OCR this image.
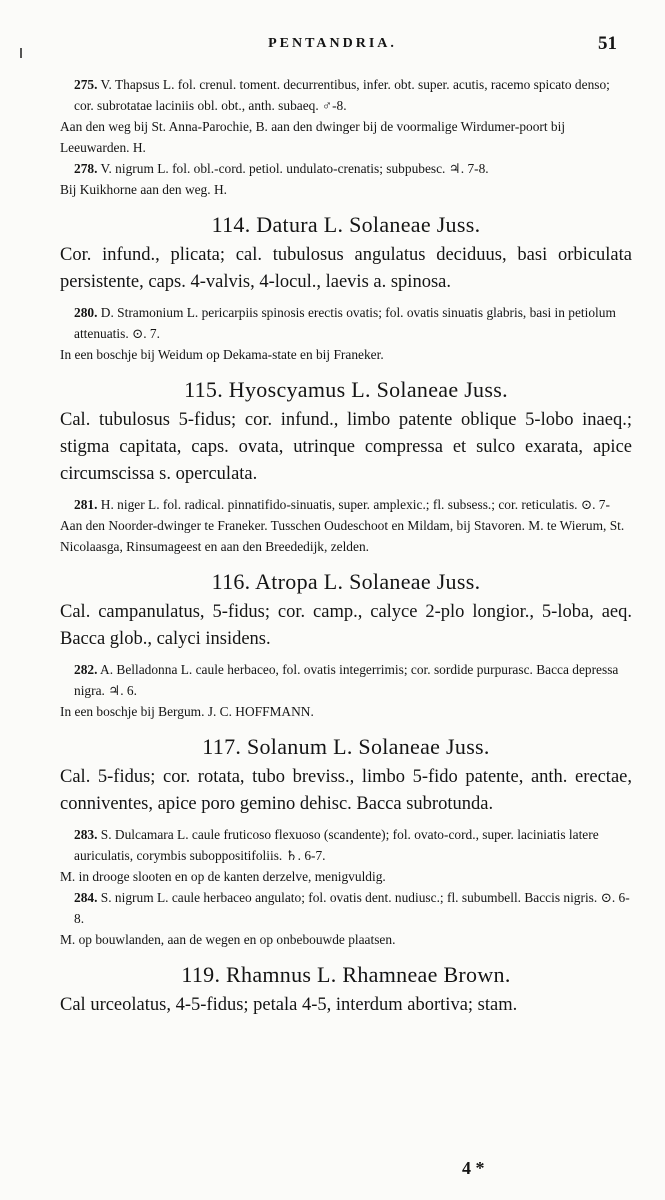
PENTANDRIA.	51

275. V. Thapsus L. fol. crenul. toment. decurrentibus, infer. obt. super. acutis, racemo spicato denso; cor. subrotatae laciniis obl. obt., anth. subaeq. ♂-8.

Aan den weg bij St. Anna-Parochie, B. aan den dwinger bij de voormalige Wirdumer-poort bij Leeuwarden. H.

278. V. nigrum L. fol. obl.-cord. petiol. undulato-crenatis; subpubesc. ♃. 7-8.

Bij Kuikhorne aan den weg. H.

114. Datura L. Solaneae Juss.

Cor. infund., plicata; cal. tubulosus angulatus deciduus, basi orbiculata persistente, caps. 4-valvis, 4-locul., laevis a. spinosa.

280. D. Stramonium L. pericarpiis spinosis erectis ovatis; fol. ovatis sinuatis glabris, basi in petiolum attenuatis. ⊙. 7.

In een boschje bij Weidum op Dekama-state en bij Franeker.

115. Hyoscyamus L. Solaneae Juss.

Cal. tubulosus 5-fidus; cor. infund., limbo patente oblique 5-lobo inaeq.; stigma capitata, caps. ovata, utrinque compressa et sulco exarata, apice circumscissa s. operculata.

281. H. niger L. fol. radical. pinnatifido-sinuatis, super. amplexic.; fl. subsess.; cor. reticulatis. ⊙. 7-

Aan den Noorder-dwinger te Franeker. Tusschen Oudeschoot en Mildam, bij Stavoren. M. te Wierum, St. Nicolaasga, Rinsumageest en aan den Breededijk, zelden.

116. Atropa L. Solaneae Juss.

Cal. campanulatus, 5-fidus; cor. camp., calyce 2-plo longior., 5-loba, aeq. Bacca glob., calyci insidens.

282. A. Belladonna L. caule herbaceo, fol. ovatis integerrimis; cor. sordide purpurasc. Bacca depressa nigra. ♃. 6.

In een boschje bij Bergum. J. C. HOFFMANN.

117. Solanum L. Solaneae Juss.

Cal. 5-fidus; cor. rotata, tubo breviss., limbo 5-fido patente, anth. erectae, conniventes, apice poro gemino dehisc. Bacca subrotunda.

283. S. Dulcamara L. caule fruticoso flexuoso (scandente); fol. ovato-cord., super. laciniatis latere auriculatis, corymbis suboppositifoliis. ♄. 6-7.

M. in drooge slooten en op de kanten derzelve, menigvuldig.

284. S. nigrum L. caule herbaceo angulato; fol. ovatis dent. nudiusc.; fl. subumbell. Baccis nigris. ⊙. 6-8.

M. op bouwlanden, aan de wegen en op onbebouwde plaatsen.

119. Rhamnus L. Rhamneae Brown.

Cal urceolatus, 4-5-fidus; petala 4-5, interdum abortiva; stam.

4 *
